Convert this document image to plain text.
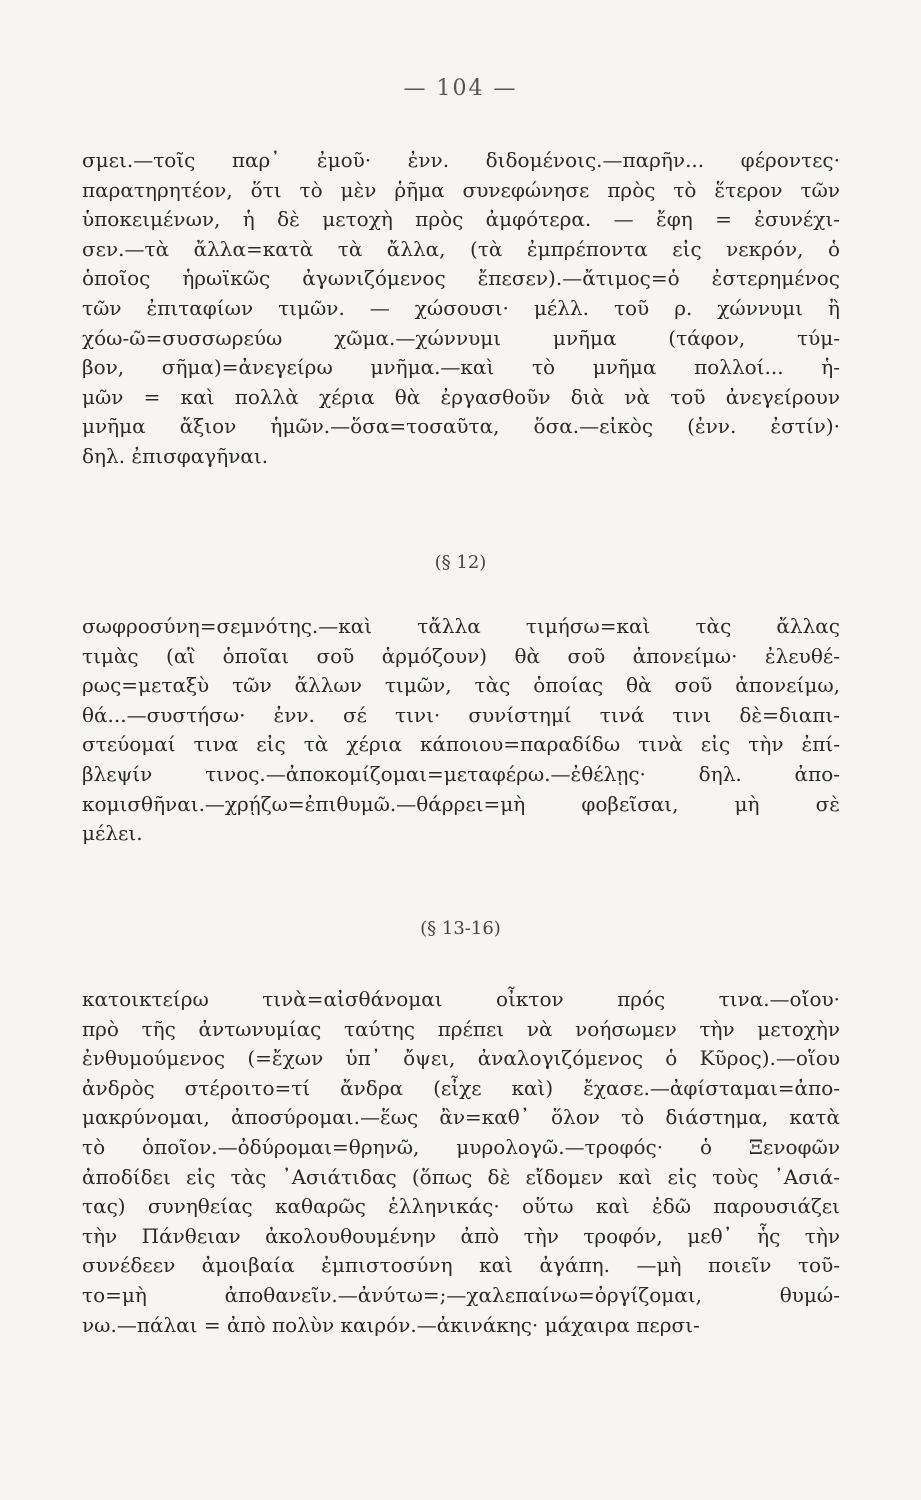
— 104 —
σμει.—τοῖς παρ᾽ ἐμοῦ· ἐνν. διδομένοις.—παρῆν... φέροντες·
παρατηρητέον, ὅτι τὸ μὲν ῥῆμα συνεφώνησε πρὸς τὸ ἕτερον τῶν
ὑποκειμένων, ἡ δὲ μετοχὴ πρὸς ἀμφότερα. — ἔφη = ἐσυνέχι-
σεν.—τὰ ἄλλα=κατὰ τὰ ἄλλα, (τὰ ἐμπρέποντα εἰς νεκρόν, ὁ
ὁποῖος ἡρωϊκῶς ἀγωνιζόμενος ἔπεσεν).—ἄτιμος=ὁ ἐστερημένος
τῶν ἐπιταφίων τιμῶν. — χώσουσι· μέλλ. τοῦ ρ. χώννυμι ἢ
χόω-ῶ=συσσωρεύω χῶμα.—χώννυμι μνῆμα (τάφον, τύμ-
βον, σῆμα)=ἀνεγείρω μνῆμα.—καὶ τὸ μνῆμα πολλοί... ἡ-
μῶν = καὶ πολλὰ χέρια θὰ ἐργασθοῦν διὰ νὰ τοῦ ἀνεγείρουν
μνῆμα ἄξιον ἡμῶν.—ὅσα=τοσαῦτα, ὅσα.—εἰκὸς (ἐνν. ἐστίν)·
δηλ. ἐπισφαγῆναι.
(§ 12)
σωφροσύνη=σεμνότης.—καὶ τἄλλα τιμήσω=καὶ τὰς ἄλλας
τιμὰς (αἳ ὁποῖαι σοῦ ἁρμόζουν) θὰ σοῦ ἀπονείμω· ἐλευθέ-
ρως=μεταξὺ τῶν ἄλλων τιμῶν, τὰς ὁποίας θὰ σοῦ ἀπονείμω,
θά...—συστήσω· ἐνν. σέ τινι· συνίστημί τινά τινι δὲ=διαπι-
στεύομαί τινα εἰς τὰ χέρια κάποιου=παραδίδω τινὰ εἰς τὴν ἐπί-
βλεψίν τινος.—ἀποκομίζομαι=μεταφέρω.—ἐθέλῃς· δηλ. ἀπο-
κομισθῆναι.—χρῄζω=ἐπιθυμῶ.—θάρρει=μὴ φοβεῖσαι, μὴ σὲ
μέλει.
(§ 13-16)
κατοικτείρω τινὰ=αἰσθάνομαι οἶκτον πρός τινα.—οἴου·
πρὸ τῆς ἀντωνυμίας ταύτης πρέπει νὰ νοήσωμεν τὴν μετοχὴν
ἐνθυμούμενος (=ἔχων ὑπ᾽ ὄψει, ἀναλογιζόμενος ὁ Κῦρος).—οἵου
ἀνδρὸς στέροιτο=τί ἄνδρα (εἶχε καὶ) ἔχασε.—ἀφίσταμαι=ἀπο-
μακρύνομαι, ἀποσύρομαι.—ἕως ἂν=καθ᾽ ὅλον τὸ διάστημα, κατὰ
τὸ ὁποῖον.—ὀδύρομαι=θρηνῶ, μυρολογῶ.—τροφός· ὁ Ξενοφῶν
ἀποδίδει εἰς τὰς ᾿Ασιάτιδας (ὅπως δὲ εἴδομεν καὶ εἰς τοὺς ᾿Ασιά-
τας) συνηθείας καθαρῶς ἑλληνικάς· οὕτω καὶ ἐδῶ παρουσιάζει
τὴν Πάνθειαν ἀκολουθουμένην ἀπὸ τὴν τροφόν, μεθ᾽ ἧς τὴν
συνέδεεν ἀμοιβαία ἐμπιστοσύνη καὶ ἀγάπη. —μὴ ποιεῖν τοῦ-
το=μὴ ἀποθανεῖν.—ἀνύτω=;—χαλεπαίνω=ὀργίζομαι, θυμώ-
νω.—πάλαι = ἀπὸ πολὺν καιρόν.—ἀκινάκης· μάχαιρα περσι-
